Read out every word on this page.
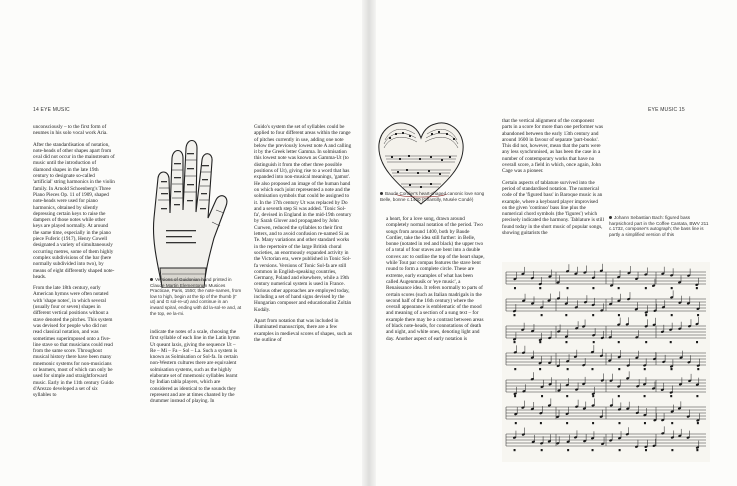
14 EYE MUSIC

unconsciously – to the first form of neumes in his solo vocal work Aria.

After the standardisation of notation, note-heads of other shapes apart from oval did not occur in the mainstream of music until the introduction of diamond shapes in the late 19th century to designate so-called 'artificial' string harmonics in the violin family. In Arnold Schoenberg's Three Piano Pieces Op. 11 of 1909, shaped note-heads were used for piano harmonics, obtained by silently depressing certain keys to raise the dampers of those notes while other keys are played normally. At around the same time, especially in the piano piece Fuferic (1917), Henry Cowell designated a variety of simultaneously occurring metres, some of them highly complex subdivisions of the bar (here normally subdivided into two), by means of eight differently shaped note-heads.

From the late 18th century, early American hymns were often notated with 'shape notes', in which several (usually four or seven) shapes in different vertical positions without a stave denoted the pitches. This system was devised for people who did not read classical notation, and was sometimes superimposed onto a five-line stave so that musicians could read from the same score. Throughout musical history there have been many mnemonic systems for non-musicians or learners, most of which can only be used for simple and straightforward music. Early in the 11th century Guido d'Arezzo developed a set of six syllables to

Versions of Guidonian hand printed in Claude Martin Elementorum Musices Practicae, Paris, 1550; the note-names, from low to high, begin at the tip of the thumb (Γ ut) and G sol-re-ut) and continue in an inward spiral, ending with dd la-sol-re and, at the top, ee la-mi.

indicate the notes of a scale, choosing the first syllable of each line in the Latin hymn Ut queant laxis, giving the sequence Ut – Re – Mi – Fa – Sol – La. Such a system is known as Solmisation or Sol-fa. In certain non-Western cultures there are equivalent solmisation systems, such as the highly elaborate set of mnemonic syllables learnt by Indian tabla players, which are considered as identical to the sounds they represent and are at times chanted by the drummer instead of playing. In

Guido's system the set of syllables could be applied to four different areas within the range of pitches currently in use, adding one note below the previously lowest note A and calling it by the Greek letter Gamma. In solmisation this lowest note was known as Gamma-Ut (to distinguish it from the other three possible positions of Ut), giving rise to a word that has expanded into non-musical meanings, 'gamut'. He also proposed an image of the human hand on which each joint represented a note and the solmisation symbols that could be assigned to it. In the 17th century Ut was replaced by Do and a seventh step Si was added. 'Tonic Sol-fa', devised in England in the mid-19th century by Sarah Glover and propagated by John Curwen, reduced the syllables to their first letters, and to avoid confusion re-named Si as Te. Many variations and other standard works in the repertoire of the large British choral societies, an enormously expanded activity in the Victorian era, were published in Tonic Sol-fa versions. Versions of Tonic Sol-fa are still common in English-speaking countries, Germany, Poland and elsewhere, while a 19th century numerical system is used in France. Various other approaches are employed today, including a set of hand signs devised by the Hungarian composer and educationalist Zoltán Kodály.

Apart from notation that was included in illuminated manuscripts, there are a few examples in medieval scores of shapes, such as the outline of

EYE MUSIC 15
Baude Cordier's heart-shaped canonic love song Belle, bonne c.1400 (Chantilly, Musée Condé)

a heart, for a love song, drawn around completely normal notation of the period. Two songs from around 1400, both by Baude Cordier, take the idea still further: in Belle, bonne (notated in red and black) the upper two of a total of four staves are bent into a double convex arc to outline the top of the heart shape, while Tout par compas features the stave bent round to form a complete circle. These are extreme, early examples of what has been called Augenmusik or 'eye music', a Renaissance idea. It refers normally to parts of certain scores (such as Italian madrigals in the second half of the 16th century) where the overall appearance is emblematic of the mood and meaning of a section of a sung text – for example there may be a contrast between areas of black note-heads, for connotations of death and night, and white ones, denoting light and day. Another aspect of early notation is

that the vertical alignment of the component parts in a score for more than one performer was abandoned between the early 13th century and around 1600 in favour of separate 'part-books'. This did not, however, mean that the parts were any less synchronised, as has been the case in a number of contemporary works that have no overall score, a field in which, once again, John Cage was a pioneer.

Certain aspects of tablature survived into the period of standardised notation. The numerical code of the 'figured bass' in Baroque music is an example, where a keyboard player improvised on the given 'continuo' bass line plus the numerical chord symbols (the 'figures') which precisely indicated the harmony. Tablature is still found today in the short music of popular songs, showing guitarists the

Johann Sebastian Bach: figured bass harpsichord part in the Coffee Cantata, BWV 211 c.1732, composer's autograph; the bass line is partly a simplified version of this
